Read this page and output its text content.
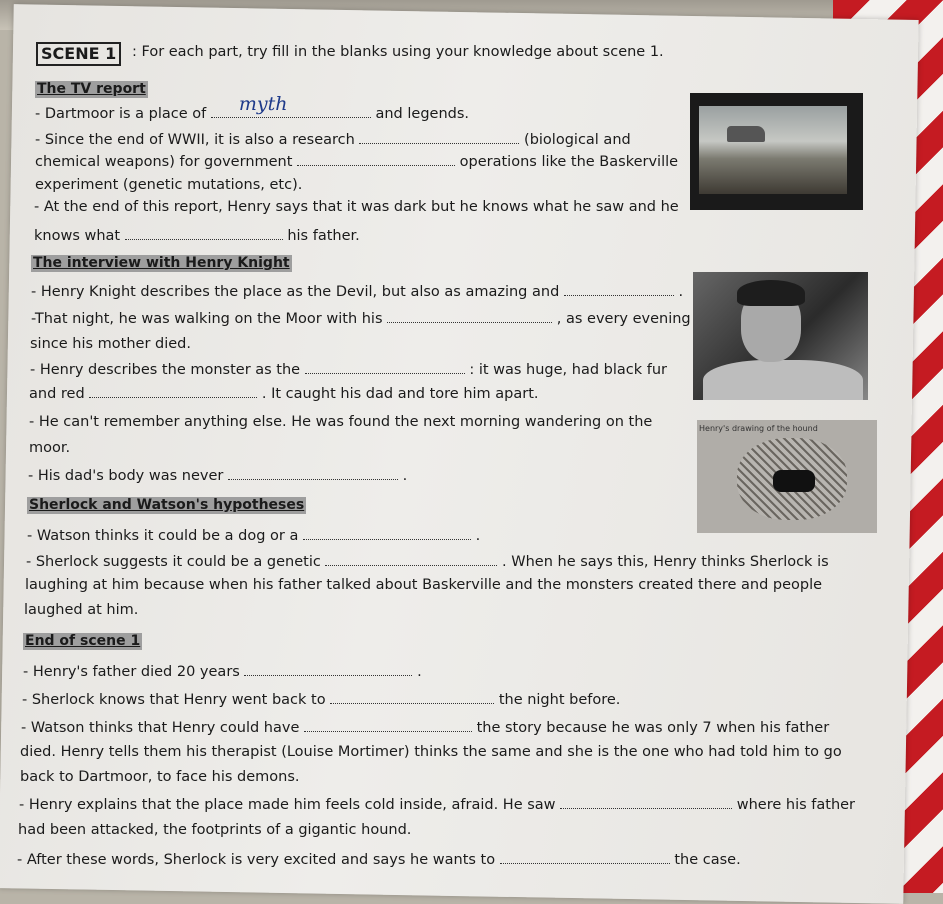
SCENE 1	: For each part, try fill in the blanks using your knowledge about scene 1.
The TV report
- Dartmoor is a place of myth	and legends.
- Since the end of WWII, it is also a research	(biological and
chemical weapons) for government	operations like the Baskerville
experiment (genetic mutations, etc).
- At the end of this report, Henry says that it was dark but he knows what he saw and he
knows what	his father.
The interview with Henry Knight
- Henry Knight describes the place as the Devil, but also as amazing and	.
-That night, he was walking on the Moor with his	, as every evening
since his mother died.
- Henry describes the monster as the	: it was huge, had black fur
and red	. It caught his dad and tore him apart.
- He can't remember anything else. He was found the next morning wandering on the
moor.
- His dad's body was never	.
Sherlock and Watson's hypotheses
- Watson thinks it could be a dog or a	.
- Sherlock suggests it could be a genetic	. When he says this, Henry thinks Sherlock is
laughing at him because when his father talked about Baskerville and the monsters created there and people
laughed at him.
End of scene 1
- Henry's father died 20 years	.
- Sherlock knows that Henry went back to	the night before.
- Watson thinks that Henry could have	the story because he was only 7 when his father
died. Henry tells them his therapist (Louise Mortimer) thinks the same and she is the one who had told him to go
back to Dartmoor, to face his demons.
- Henry explains that the place made him feels cold inside, afraid. He saw	where his father
had been attacked, the footprints of a gigantic hound.
- After these words, Sherlock is very excited and says he wants to	the case.
Henry's drawing of the hound
